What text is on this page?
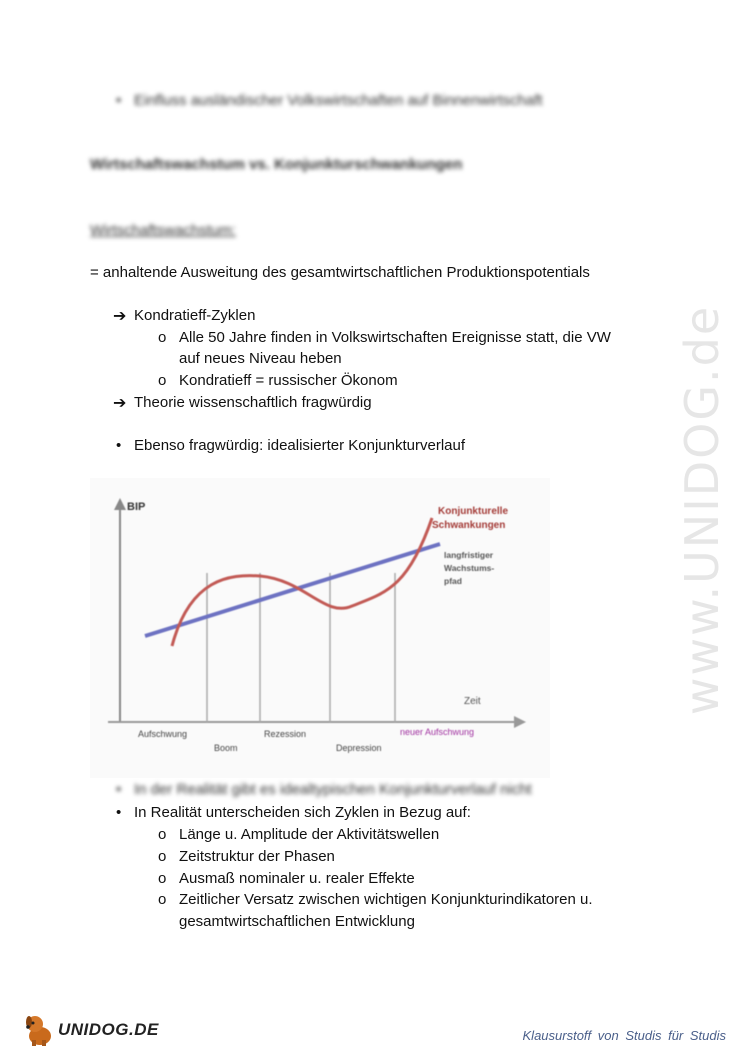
www.UNIDOG.de
• Einfluss ausländischer Volkswirtschaften auf Binnenwirtschaft
Wirtschaftswachstum vs. Konjunkturschwankungen
Wirtschaftswachstum:
= anhaltende Ausweitung des gesamtwirtschaftlichen Produktionspotentials
➔ Kondratieff-Zyklen
o Alle 50 Jahre finden in Volkswirtschaften Ereignisse statt, die VW
auf neues Niveau heben
o Kondratieff = russischer Ökonom
➔ Theorie wissenschaftlich fragwürdig
• Ebenso fragwürdig: idealisierter Konjunkturverlauf
BIP
Zeit
Konjunkturelle
Schwankungen
langfristiger
Wachstums-
pfad
Aufschwung
Boom
Rezession
Depression
neuer Aufschwung
• In der Realität gibt es idealtypischen Konjunkturverlauf nicht
• In Realität unterscheiden sich Zyklen in Bezug auf:
o Länge u. Amplitude der Aktivitätswellen
o Zeitstruktur der Phasen
o Ausmaß nominaler u. realer Effekte
o Zeitlicher Versatz zwischen wichtigen Konjunkturindikatoren u.
gesamtwirtschaftlichen Entwicklung
UNIDOG.DE	Klausurstoff von Studis für Studis
